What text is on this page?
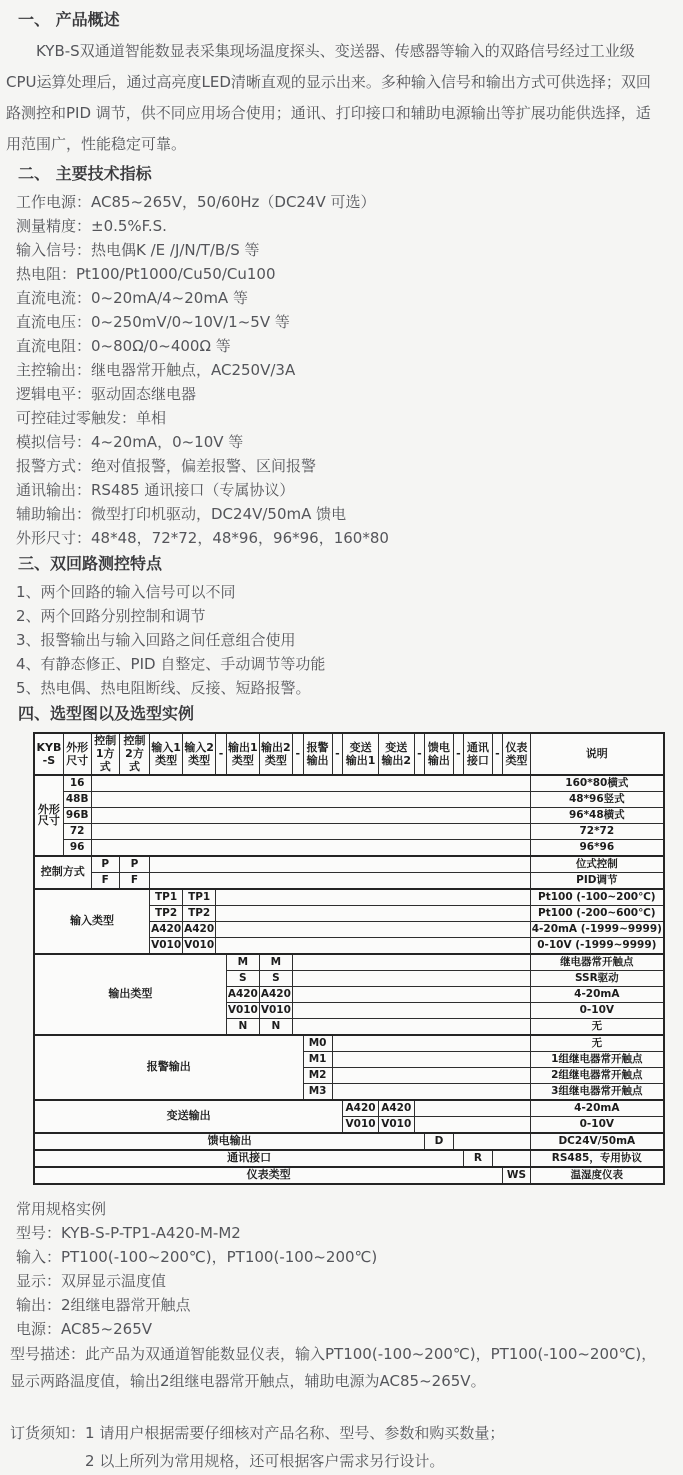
一、 产品概述

KYB-S双通道智能数显表采集现场温度探头、变送器、传感器等输入的双路信号经过工业级CPU运算处理后，通过高亮度LED清晰直观的显示出来。多种输入信号和输出方式可供选择；双回路测控和PID 调节，供不同应用场合使用；通讯、打印接口和辅助电源输出等扩展功能供选择，适用范围广，性能稳定可靠。

二、 主要技术指标
工作电源：AC85~265V，50/60Hz（DC24V 可选）
测量精度：±0.5%F.S.
输入信号：热电偶K /E /J/N/T/B/S 等
热电阻：Pt100/Pt1000/Cu50/Cu100
直流电流：0~20mA/4~20mA 等
直流电压：0~250mV/0~10V/1~5V 等
直流电阻：0~80Ω/0~400Ω 等
主控输出：继电器常开触点，AC250V/3A
逻辑电平：驱动固态继电器
可控硅过零触发：单相
模拟信号：4~20mA，0~10V 等
报警方式：绝对值报警，偏差报警、区间报警
通讯输出：RS485 通讯接口（专属协议）
辅助输出：微型打印机驱动，DC24V/50mA 馈电
外形尺寸：48*48，72*72，48*96，96*96，160*80
三、双回路测控特点
1、两个回路的输入信号可以不同
2、两个回路分别控制和调节
3、报警输出与输入回路之间任意组合使用
4、有静态修正、PID 自整定、手动调节等功能
5、热电偶、热电阻断线、反接、短路报警。
四、选型图以及选型实例
KYB-S	外形尺寸	控制1方式	控制2方式	输入1类型	输入2类型	-	输出1类型	输出2类型	-	报警输出	-	变送输出1	变送输出2	-	馈电输出	-	通讯接口	-	仪表类型	说明
外形尺寸	16																			160*80横式
	48B																			48*96竖式
	96B																			96*48横式
	72																			72*72
	96																			96*96
控制方式		P	P																	位式控制
		F	F																	PID调节
输入类型				TP1	TP1															Pt100 (-100~200℃)
				TP2	TP2															Pt100 (-200~600℃)
				A420	A420															4-20mA (-1999~9999)
				V010	V010															0-10V (-1999~9999)
输出类型							M	M												继电器常开触点
							S	S												SSR驱动
							A420	A420												4-20mA
							V010	V010												0-10V
							N	N												无
报警输出										M0										无
										M1										1组继电器常开触点
										M2										2组继电器常开触点
										M3										3组继电器常开触点
变送输出												A420	A420							4-20mA
												V010	V010							0-10V
馈电输出															D					DC24V/50mA
通讯接口																	R			RS485，专用协议
仪表类型																			WS	温湿度仪表
常用规格实例
型号：KYB-S-P-TP1-A420-M-M2
输入：PT100(-100~200℃)，PT100(-100~200℃)
显示：双屏显示温度值
输出：2组继电器常开触点
电源：AC85~265V

型号描述：此产品为双通道智能数显仪表，输入PT100(-100~200℃)，PT100(-100~200℃)，显示两路温度值，输出2组继电器常开触点，辅助电源为AC85~265V。

订货须知： 1 请用户根据需要仔细核对产品名称、型号、参数和购买数量；
2 以上所列为常用规格，还可根据客户需求另行设计。
